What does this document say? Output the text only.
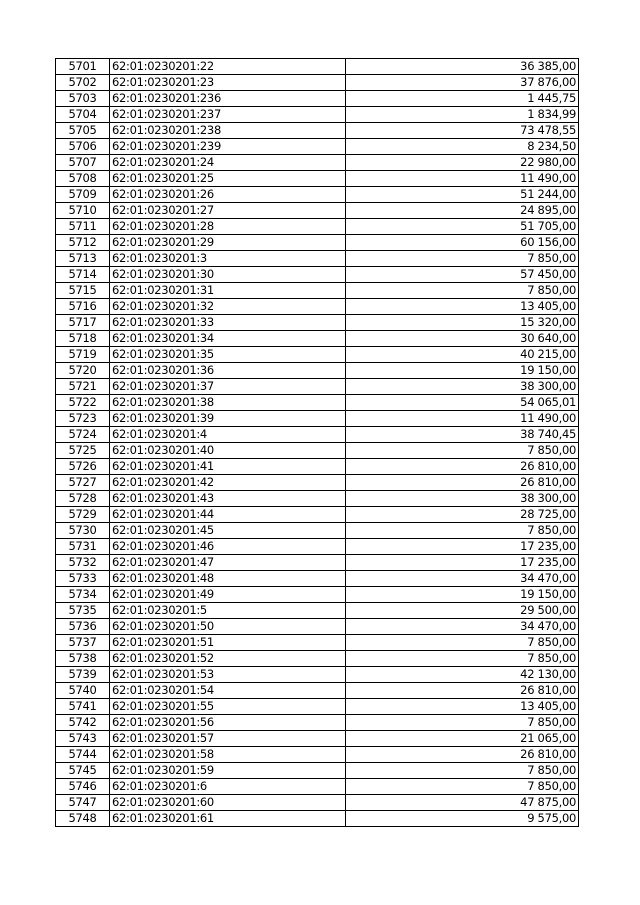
5701	62:01:0230201:22	36 385,00
5702	62:01:0230201:23	37 876,00
5703	62:01:0230201:236	1 445,75
5704	62:01:0230201:237	1 834,99
5705	62:01:0230201:238	73 478,55
5706	62:01:0230201:239	8 234,50
5707	62:01:0230201:24	22 980,00
5708	62:01:0230201:25	11 490,00
5709	62:01:0230201:26	51 244,00
5710	62:01:0230201:27	24 895,00
5711	62:01:0230201:28	51 705,00
5712	62:01:0230201:29	60 156,00
5713	62:01:0230201:3	7 850,00
5714	62:01:0230201:30	57 450,00
5715	62:01:0230201:31	7 850,00
5716	62:01:0230201:32	13 405,00
5717	62:01:0230201:33	15 320,00
5718	62:01:0230201:34	30 640,00
5719	62:01:0230201:35	40 215,00
5720	62:01:0230201:36	19 150,00
5721	62:01:0230201:37	38 300,00
5722	62:01:0230201:38	54 065,01
5723	62:01:0230201:39	11 490,00
5724	62:01:0230201:4	38 740,45
5725	62:01:0230201:40	7 850,00
5726	62:01:0230201:41	26 810,00
5727	62:01:0230201:42	26 810,00
5728	62:01:0230201:43	38 300,00
5729	62:01:0230201:44	28 725,00
5730	62:01:0230201:45	7 850,00
5731	62:01:0230201:46	17 235,00
5732	62:01:0230201:47	17 235,00
5733	62:01:0230201:48	34 470,00
5734	62:01:0230201:49	19 150,00
5735	62:01:0230201:5	29 500,00
5736	62:01:0230201:50	34 470,00
5737	62:01:0230201:51	7 850,00
5738	62:01:0230201:52	7 850,00
5739	62:01:0230201:53	42 130,00
5740	62:01:0230201:54	26 810,00
5741	62:01:0230201:55	13 405,00
5742	62:01:0230201:56	7 850,00
5743	62:01:0230201:57	21 065,00
5744	62:01:0230201:58	26 810,00
5745	62:01:0230201:59	7 850,00
5746	62:01:0230201:6	7 850,00
5747	62:01:0230201:60	47 875,00
5748	62:01:0230201:61	9 575,00
